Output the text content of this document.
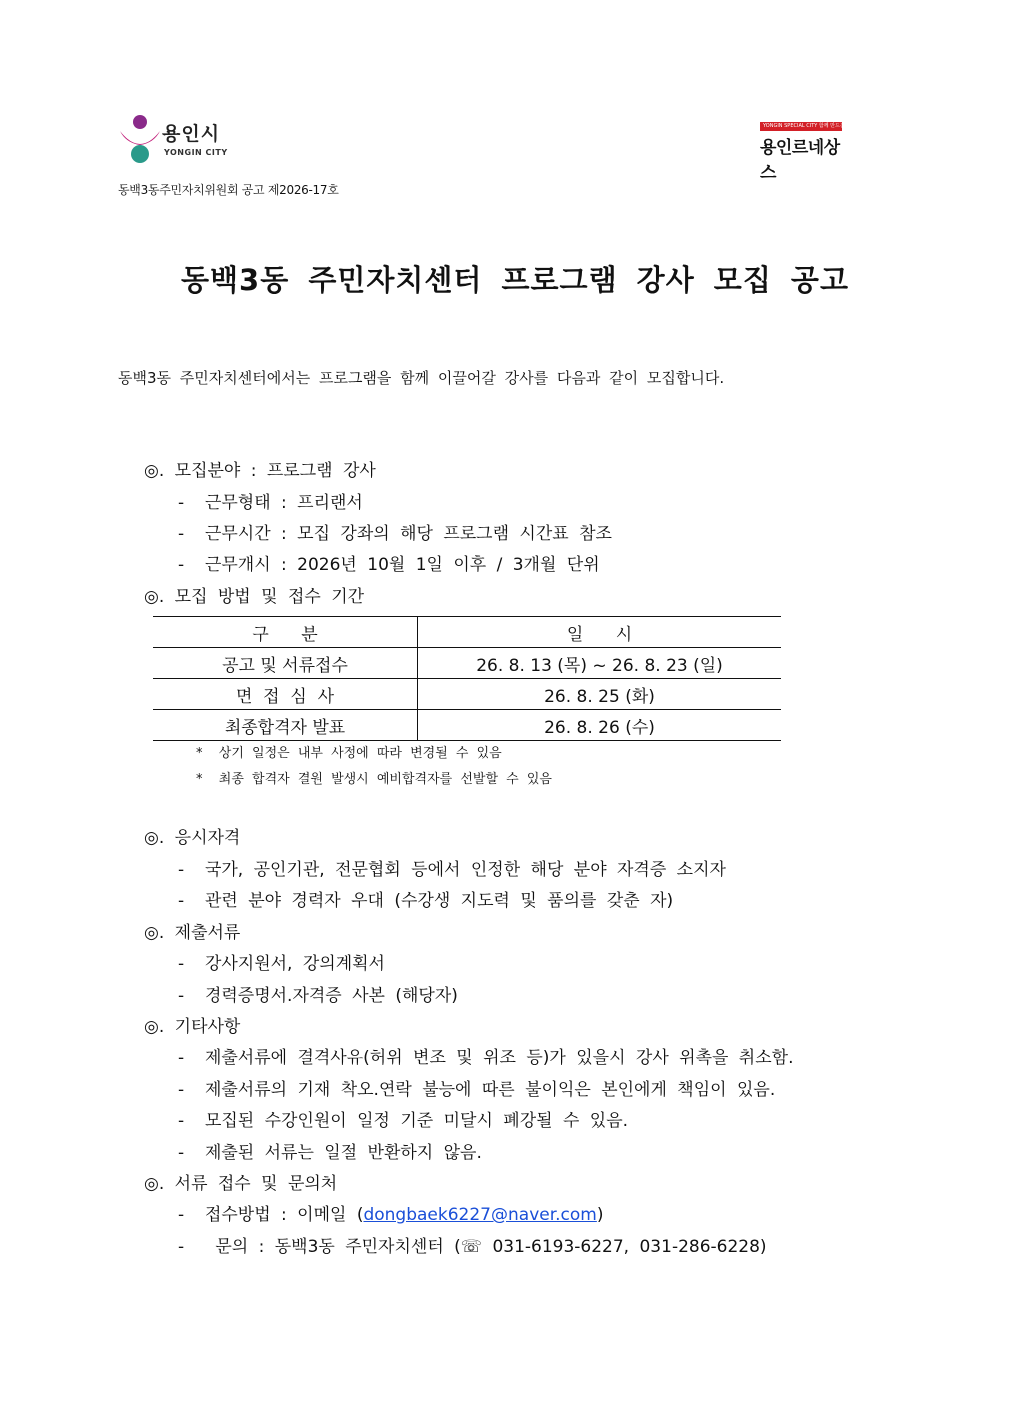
용인시
YONGIN CITY
YONGIN SPECIAL CITY 함께 만드는 미래
용인르네상스
동백3동주민자치위원회 공고 제2026-17호
동백3동 주민자치센터 프로그램 강사 모집 공고
동백3동 주민자치센터에서는 프로그램을 함께 이끌어갈 강사를 다음과 같이 모집합니다.
◎. 모집분야 : 프로그램 강사
-  근무형태 : 프리랜서
-  근무시간 : 모집 강좌의 해당 프로그램 시간표 참조
-  근무개시 : 2026년 10월 1일 이후 / 3개월 단위
◎. 모집 방법 및 접수 기간
구      분	일      시
공고 및 서류접수	26. 8. 13 (목) ~ 26. 8. 23 (일)
면  접  심  사	26. 8. 25 (화)
최종합격자 발표	26. 8. 26 (수)
*  상기 일정은 내부 사정에 따라 변경될 수 있음
*  최종 합격자 결원 발생시 예비합격자를 선발할 수 있음
◎. 응시자격
-  국가, 공인기관, 전문협회 등에서 인정한 해당 분야 자격증 소지자
-  관련 분야 경력자 우대 (수강생 지도력 및 품의를 갖춘 자)
◎. 제출서류
-  강사지원서, 강의계획서
-  경력증명서.자격증 사본 (해당자)
◎. 기타사항
-  제출서류에 결격사유(허위 변조 및 위조 등)가 있을시 강사 위촉을 취소함.
-  제출서류의 기재 착오.연락 불능에 따른 불이익은 본인에게 책임이 있음.
-  모집된 수강인원이 일정 기준 미달시 폐강될 수 있음.
-  제출된 서류는 일절 반환하지 않음.
◎. 서류 접수 및 문의처
-  접수방법 : 이메일 (dongbaek6227@naver.com)
-   문의 : 동백3동 주민자치센터 (☏ 031-6193-6227, 031-286-6228)
